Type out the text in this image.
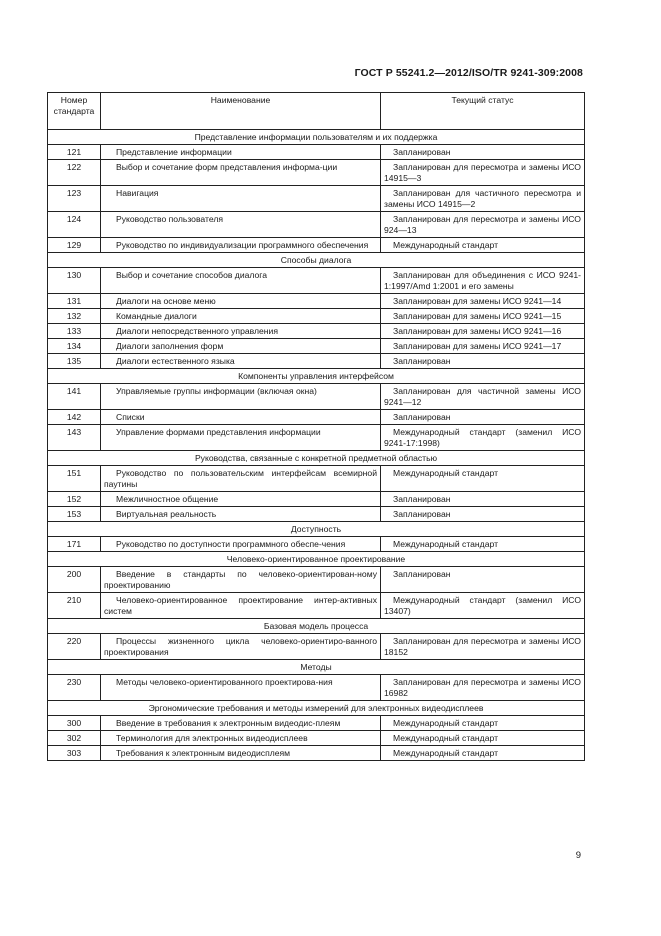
ГОСТ Р 55241.2—2012/ISO/TR 9241-309:2008
Номер стандарта	Наименование	Текущий статус
Представление информации пользователям и их поддержка		
121	Представление информации	Запланирован
122	Выбор и сочетание форм представления информа-ции	Запланирован для пересмотра и замены ИСО 14915—3
123	Навигация	Запланирован для частичного пересмотра и замены ИСО 14915—2
124	Руководство пользователя	Запланирован для пересмотра и замены ИСО 924—13
129	Руководство по индивидуализации программного обеспечения	Международный стандарт
Способы диалога		
130	Выбор и сочетание способов диалога	Запланирован для объединения с ИСО 9241-1:1997/Amd 1:2001 и его замены
131	Диалоги на основе меню	Запланирован для замены ИСО 9241—14
132	Командные диалоги	Запланирован для замены ИСО 9241—15
133	Диалоги непосредственного управления	Запланирован для замены ИСО 9241—16
134	Диалоги заполнения форм	Запланирован для замены ИСО 9241—17
135	Диалоги естественного языка	Запланирован
Компоненты управления интерфейсом		
141	Управляемые группы информации (включая окна)	Запланирован для частичной замены ИСО 9241—12
142	Списки	Запланирован
143	Управление формами представления информации	Международный стандарт (заменил ИСО 9241-17:1998)
Руководства, связанные с конкретной предметной областью		
151	Руководство по пользовательским интерфейсам всемирной паутины	Международный стандарт
152	Межличностное общение	Запланирован
153	Виртуальная реальность	Запланирован
Доступность		
171	Руководство по доступности программного обеспе-чения	Международный стандарт
Человеко-ориентированное проектирование		
200	Введение в стандарты по человеко-ориентирован-ному проектированию	Запланирован
210	Человеко-ориентированное проектирование интер-активных систем	Международный стандарт (заменил ИСО 13407)
Базовая модель процесса		
220	Процессы жизненного цикла человеко-ориентиро-ванного проектирования	Запланирован для пересмотра и замены ИСО 18152
Методы		
230	Методы человеко-ориентированного проектирова-ния	Запланирован для пересмотра и замены ИСО 16982
Эргономические требования и методы измерений для электронных видеодисплеев		
300	Введение в требования к электронным видеодис-плеям	Международный стандарт
302	Терминология для электронных видеодисплеев	Международный стандарт
303	Требования к электронным видеодисплеям	Международный стандарт
9
